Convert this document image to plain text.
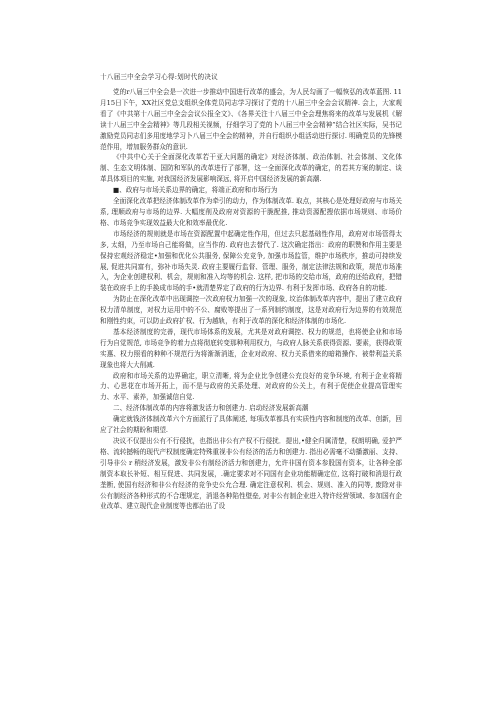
十八届三中全会学习心得:划时代的决议

党的r八届三中全会是一次进一步推动中国进行改革的盛会，为人民勾画了一幅恢弘的改革蓝图. 11月15日下午，XX社区党总支组织全体党员同志学习探讨了党的十八届三中全会会议精神. 会上，大家观看了《中共第十八届三中全会会议公报全文》、《各界关注十八届三中全会理焦将来的改革与发展机《解读十八届三中全会精神》等几段相关视频，仔细学习了党的卜八届三中全会精神”结合社区实际，吴书记激励党员同志们多用度地学习卜八届三中全会的精神，并自行组织小组活动进行探讨. 明确党员的先锋模范作用，增加服务群众的意识.

《中共中心关于全面深化改革若干亚大问题的确定》对经济体制、政治体制、社会体制、文化体制、生态文明体制、国防和军队的改革进行了部署，这一全面深化改革的确定，的若其方案的制定、谈革具体项目的实施, 对我国经济发展影响深远, 将开启中国经济发展的新高潮.

■、政府与市场关系边界的确定，将端正政府和市场行为

全面深化改革把经济体制改革作为牵引的动力，作为体制改革. 取点，其核心是处理好政府与市场关系, 理顺政府与市场的边界. 大幅度削及政府对资源的干脆配推, 推动资源配搜依据市场规则、市场价格、市场竞争实现效益最大化和效率最优化.

市场经济的规则就是市场在资源配置中起确定性作用，但过去只起基础性作用，政府对市场管得太多, 太细，乃至市场自己能将做，应当作的. 政府也去替代了. 这次确定指出：政府的职赞和作用主要是保持宏观经济稳定•加强和优化公共服务, 保障公充竞争, 加强市场监管，维护市场秩序，推动可持续发展, 促进共同富有，弥补市场失灵. 政府主要履行监督、管理、服务，制定法律法规和政策，规范市场准入，为企业创建权利、机会，规则和准入均等的机会. 这样, 把市场的交给市场，政府的还给政府，把错装在政府手上的手换成市场的手•就清楚界定了政府的行为边界. 有利于发挥市场、政府各自的功能.

为防止在深化改革中出现调控一次政府权力加强一次的现象, 坟治体制改革内容中，提出了建立政府权力清单制度，对权力运用中的不公、腐败等提出了一系列制约制度，这是对政府行为边界的有效规范和刚性约束，可以防止政府扩权、行为越轨，有利于改革的深化和经济体制的市场化.

基本经济制度的完善，现代市场体系的发展，尤其是对政府调控、权力的规范，也将使企业和市场行为自觉规范, 市场竞争的着力点将彻底转变那种利用权力，与政府人脉关系获得资源、要素，获得政策实惠、权力照看的种种不规范行为将渐渐消逝，企业对政府、权力关系借来的暗箱操作、被带利益关系现象也将大大削减.

政府和市场关系的边界确定，职立清晰, 将为企业比争创建公充良好的竞争环境, 有利于企业将精力、心思花在市场开拓上，而不是与政府的关系处理、对政府的公关上，有利于促使企业提高管理实力、水平、素养，加强诚信自觉.

二、经济体制改革的内容将激发活力和创建力. 启动经济发展新高潮

确定就钱济体制改革六个方面派行了具体阐述, 每项改革都具有实质性内容和制度的改革、创新，回应了社会的期盼和期望.

决议不仅提出公有不行侵扰，也指出非公有产权不行侵扰．提出,•健全归属清楚，权朗明确, 爱护严格、流转撼畅的现代产权制度确定特殊重视非公有经济的活力和创建力. 指出必需毫不动播激丽、支持、引导非公 r 稍经济发展，激发非公有制经济活力和创建力，允许非国有资本参股国有资本，让各种全部制资本取长补短、相互促进、共同发展，.确定要求对不同国有企业功能精确定位, 这将打破和消退行政垄断, 使国有经济和非公有经济的竞争史公允合理. 确定注意权利、机会、规则、准入的同等, 废除对非公有制经济各种形式的不合理规定，消退各种陷性壁垒, 对非公有制企业进入特许经营领域、参加国有企业改革、建立现代企业制度等也都治出了设
